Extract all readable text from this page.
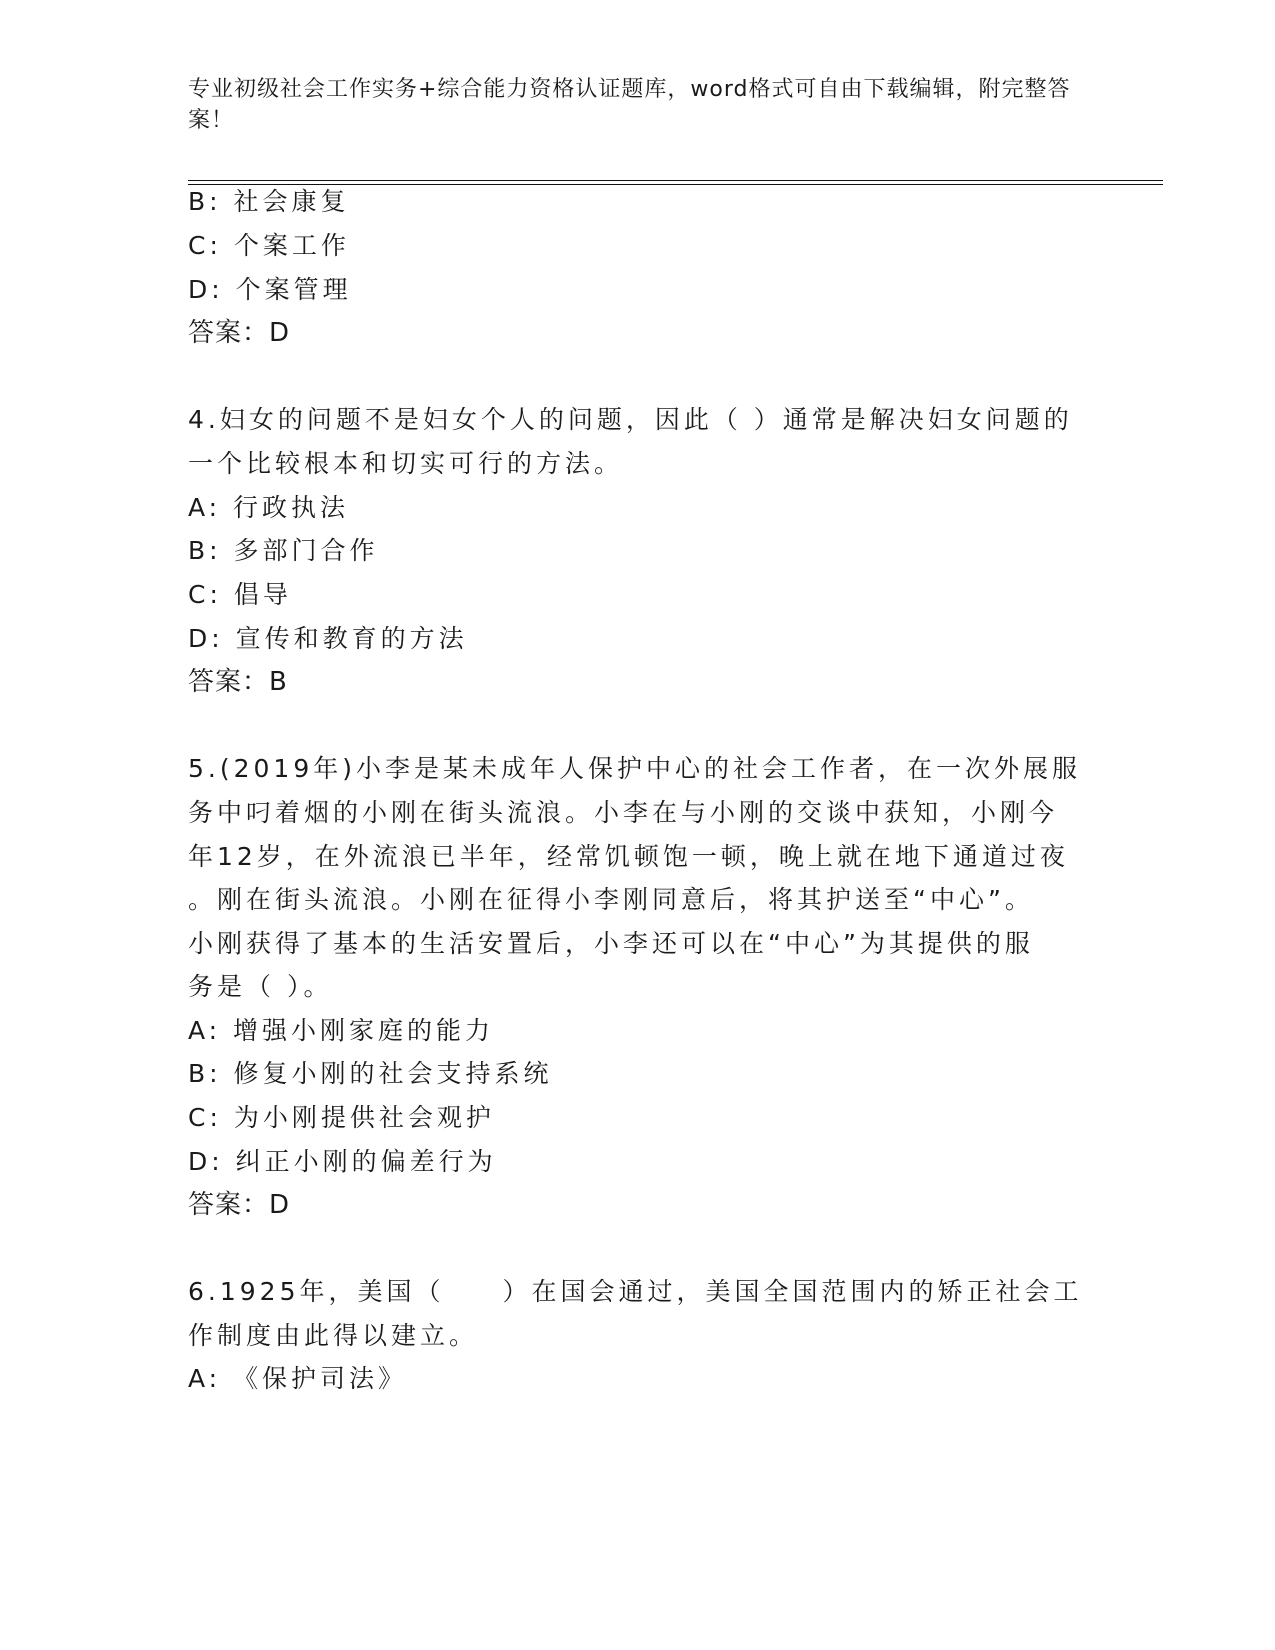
专业初级社会工作实务+综合能力资格认证题库，word格式可自由下载编辑，附完整答案！
B: 社会康复
C: 个案工作
D: 个案管理
答案：D
4.妇女的问题不是妇女个人的问题，因此（ ）通常是解决妇女问题的
一个比较根本和切实可行的方法。
A: 行政执法
B: 多部门合作
C: 倡导
D: 宣传和教育的方法
答案：B
5.(2019年)小李是某未成年人保护中心的社会工作者，在一次外展服
务中叼着烟的小刚在街头流浪。小李在与小刚的交谈中获知，小刚今
年12岁，在外流浪已半年，经常饥顿饱一顿，晚上就在地下通道过夜
。刚在街头流浪。小刚在征得小李刚同意后，将其护送至“中心”。
小刚获得了基本的生活安置后，小李还可以在“中心”为其提供的服
务是（ ）。
A: 增强小刚家庭的能力
B: 修复小刚的社会支持系统
C: 为小刚提供社会观护
D: 纠正小刚的偏差行为
答案：D
6.1925年，美国（　　）在国会通过，美国全国范围内的矫正社会工
作制度由此得以建立。
A: 《保护司法》
